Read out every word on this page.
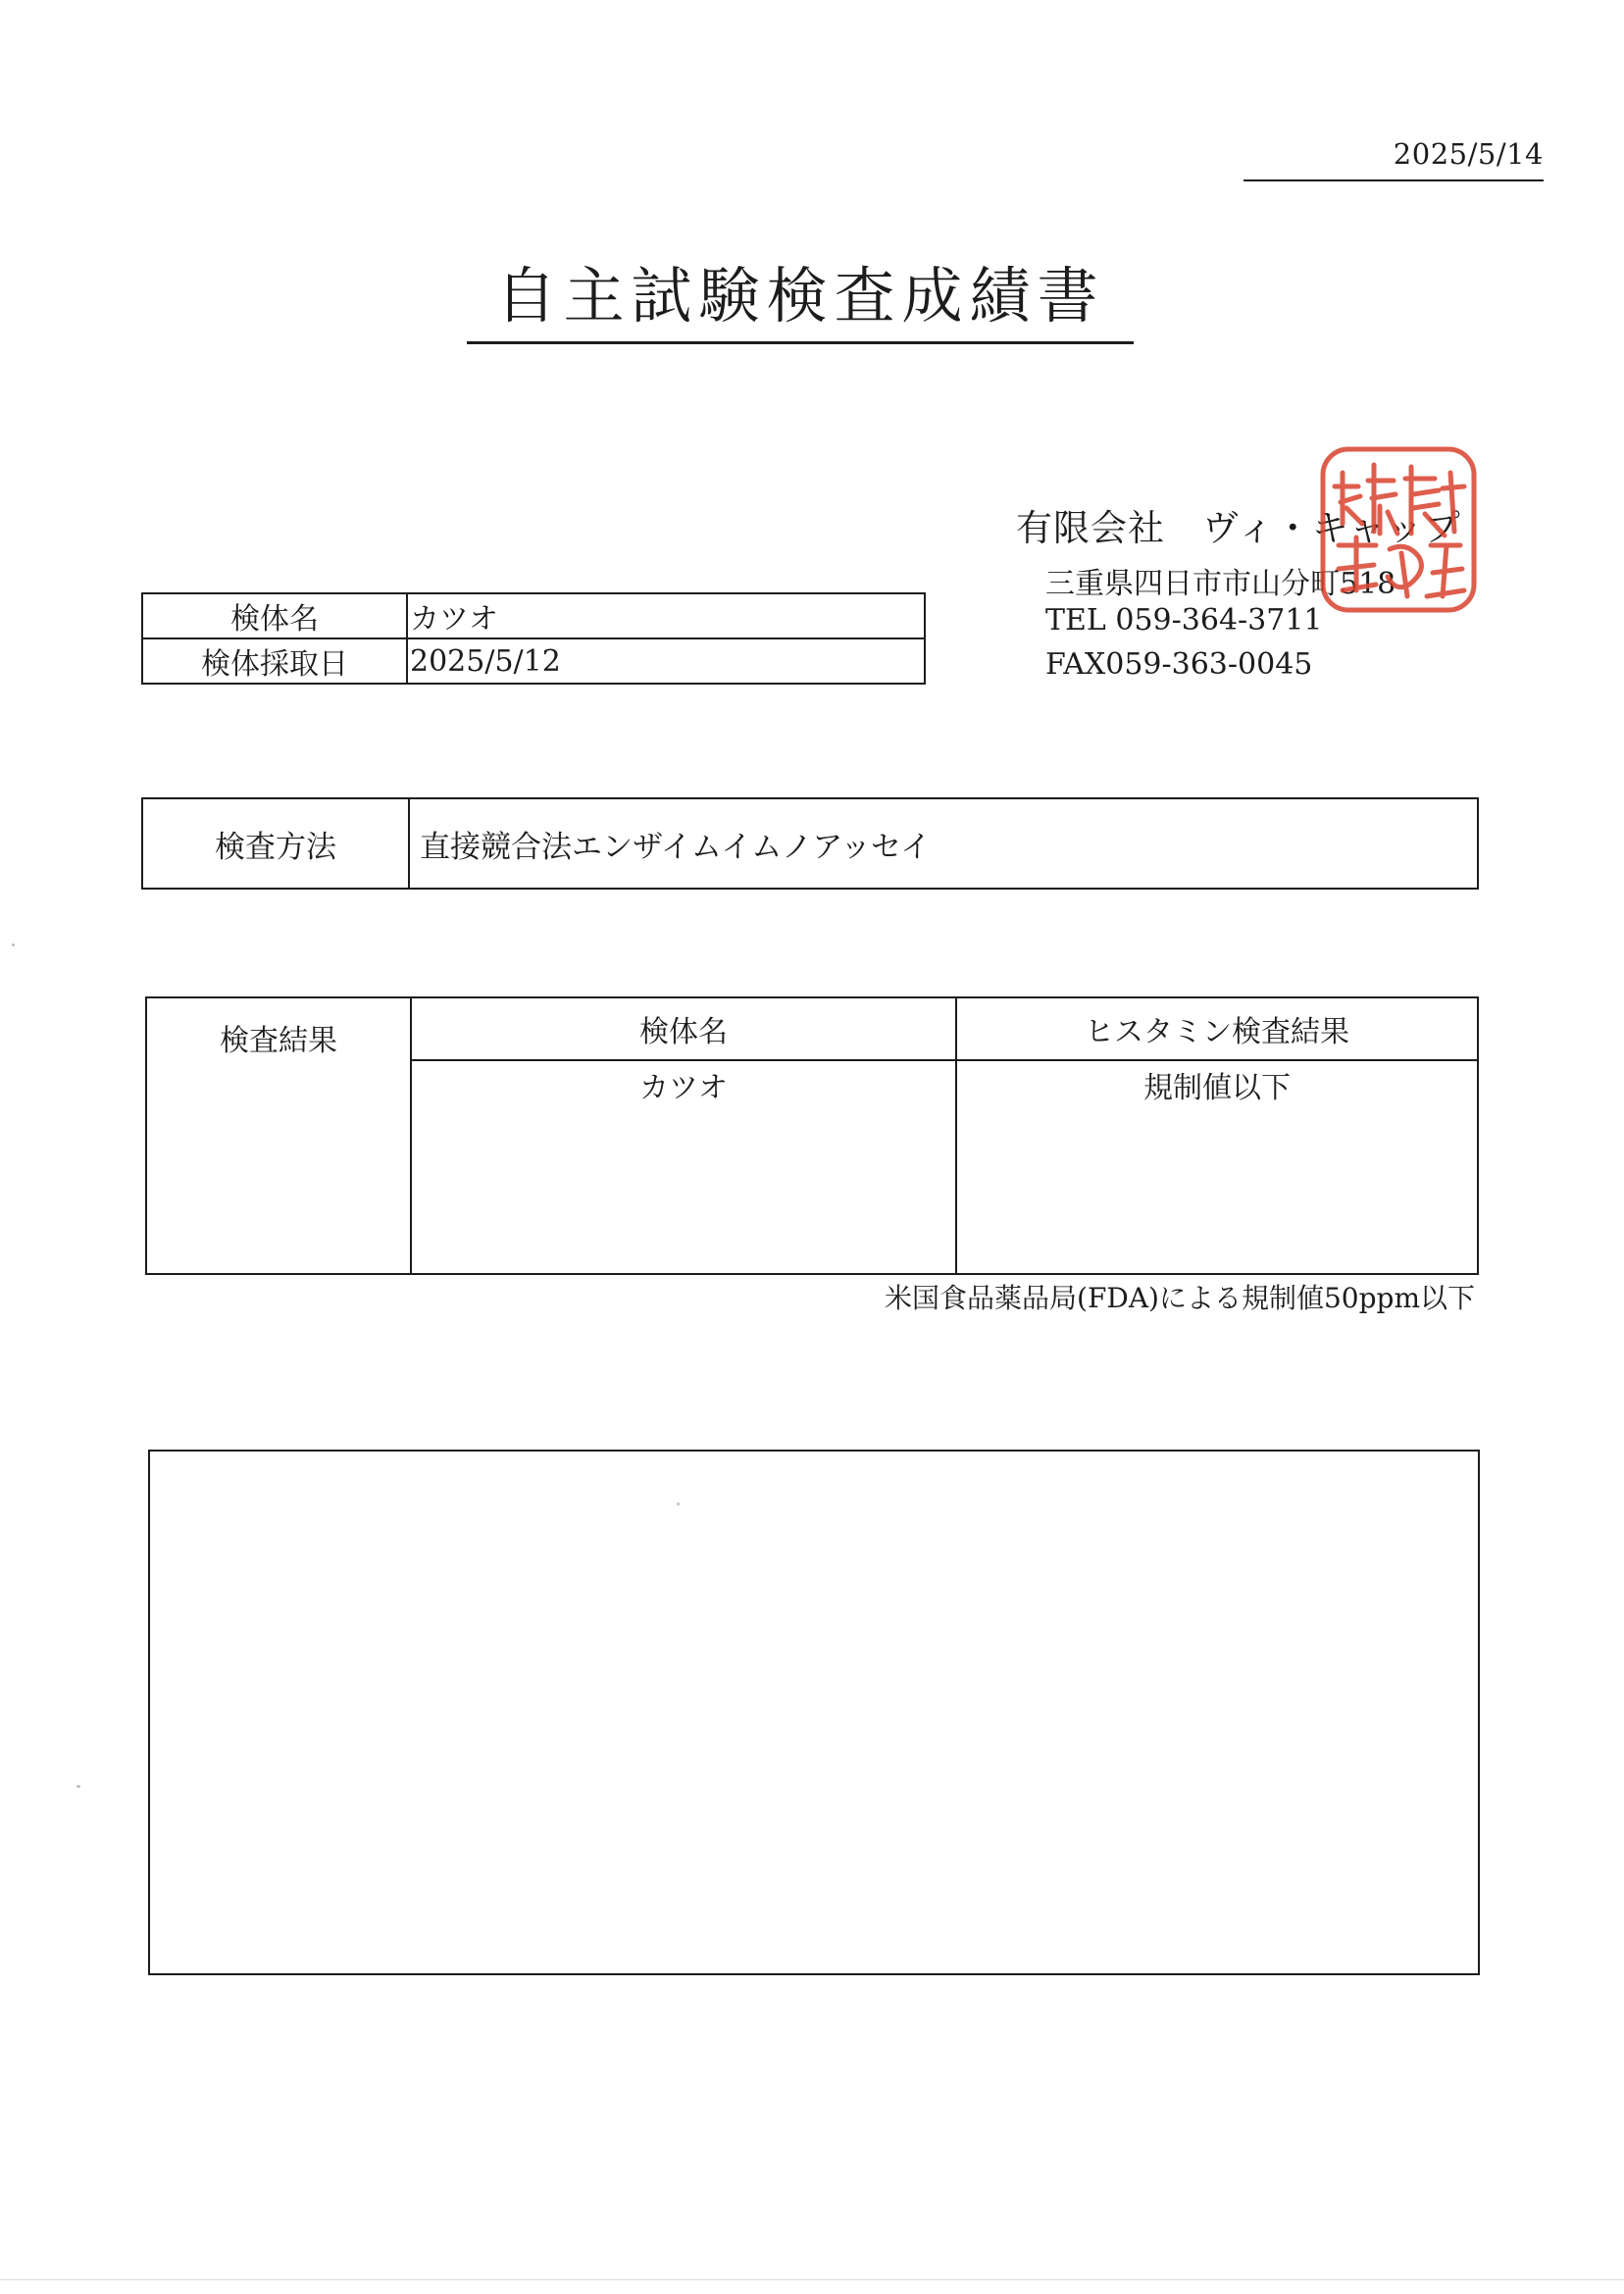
2025/5/14
自主試験検査成績書
有限会社　ヴィ・キャップ
三重県四日市市山分町518
TEL 059-364-3711
FAX059-363-0045
検体名	カツオ
検体採取日	2025/5/12
検査方法	直接競合法エンザイムイムノアッセイ
検査結果	検体名	ヒスタミン検査結果
	カツオ	規制値以下
米国食品薬品局(FDA)による規制値50ppm以下
